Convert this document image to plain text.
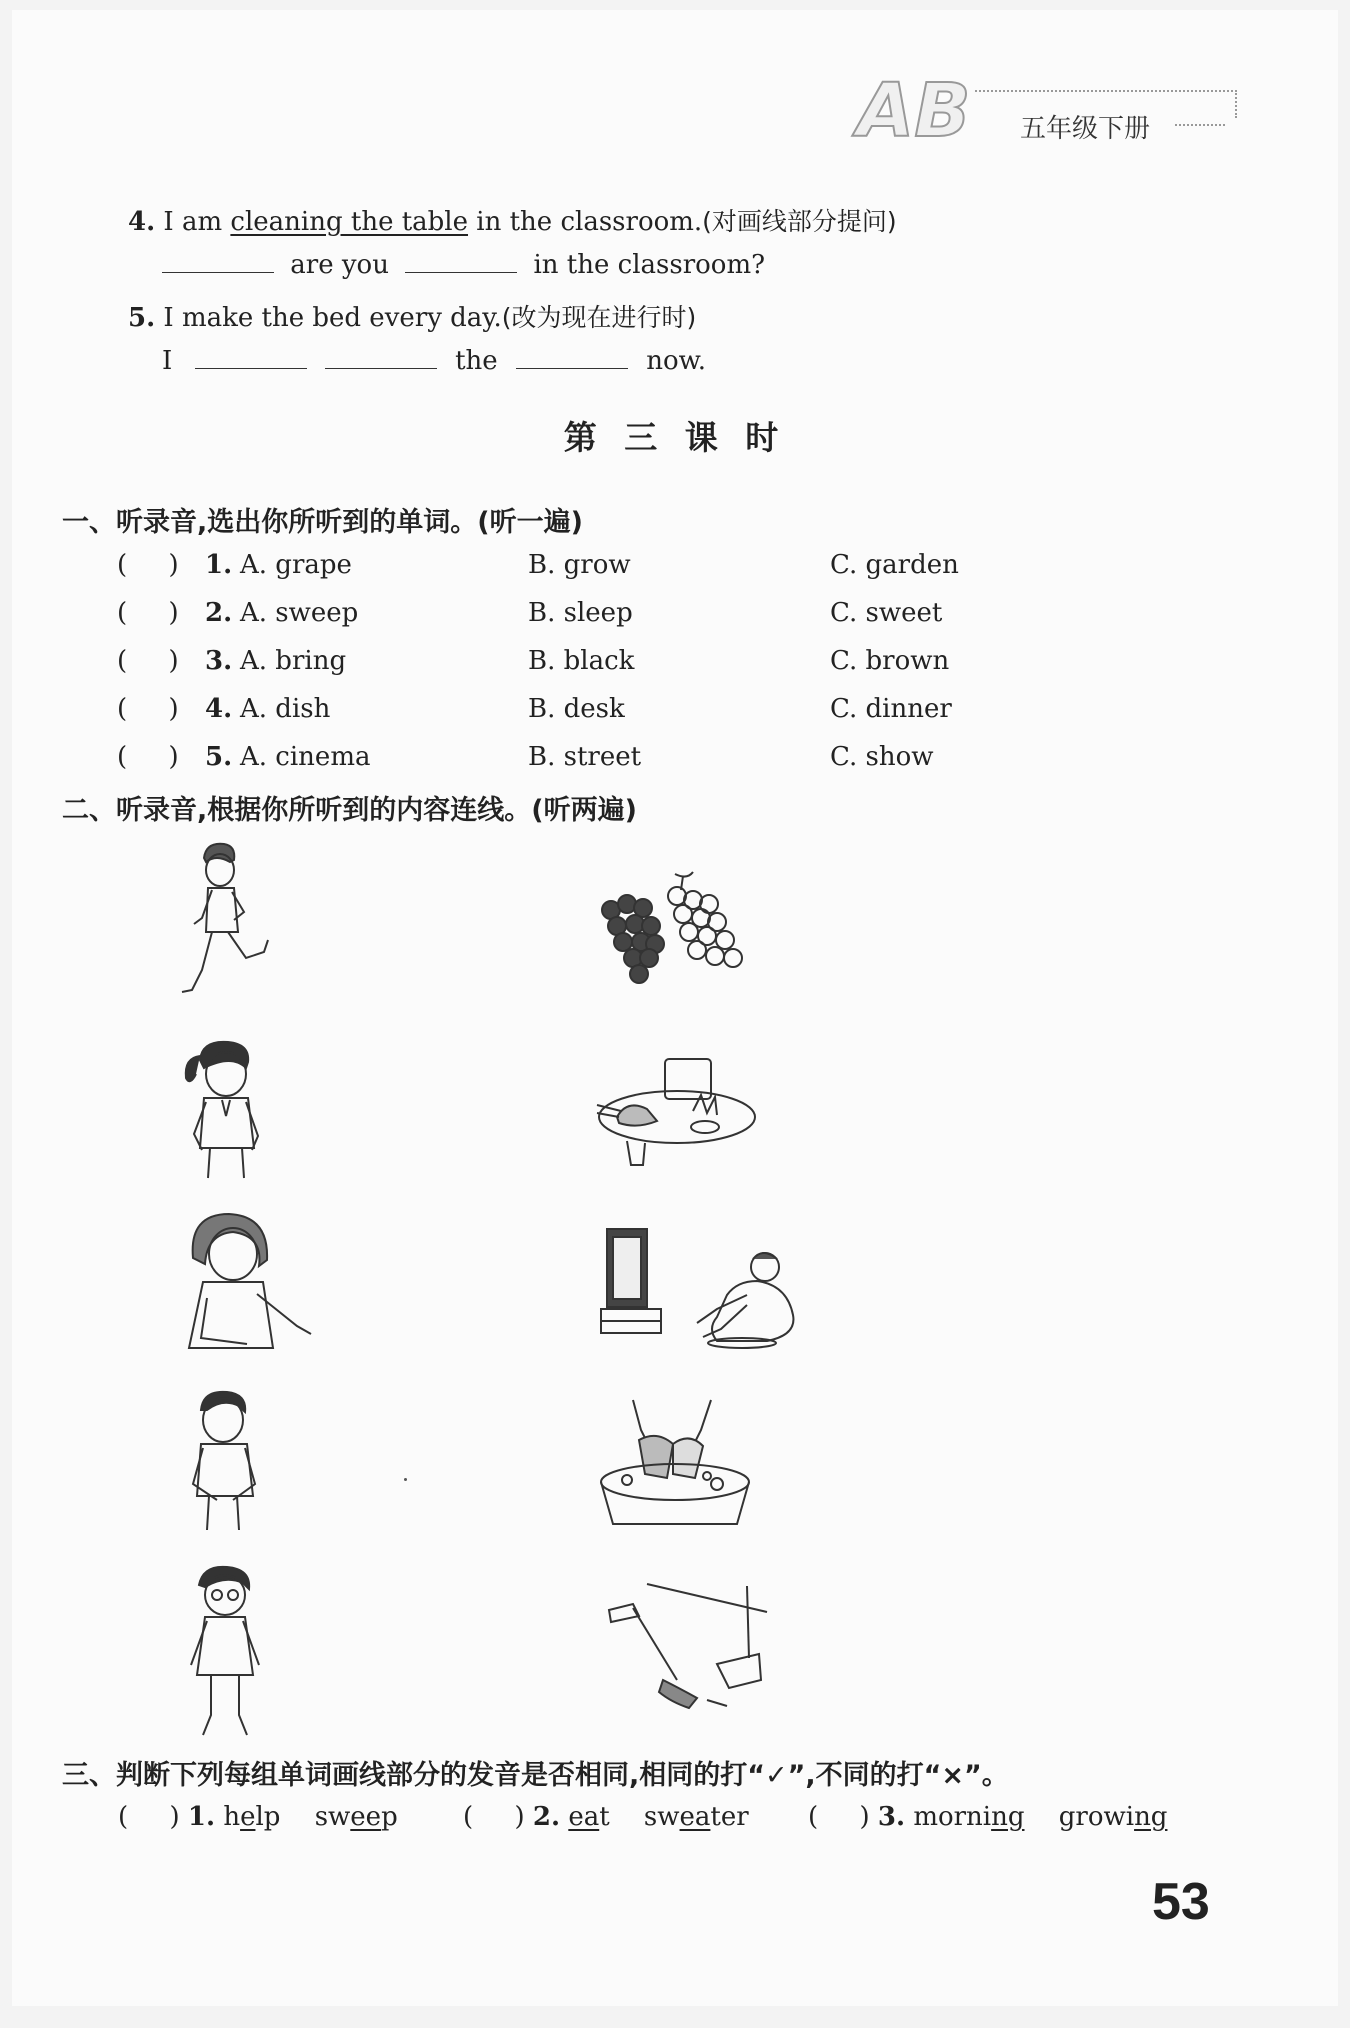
AB 五年级下册
4. I am cleaning the table in the classroom.(对画线部分提问)
are you	in the classroom?
5. I make the bed every day.(改为现在进行时)
I	the	now.
第 三 课 时
一、听录音,选出你所听到的单词。(听一遍)
(     ) 1. A. grape	B. grow	C. garden
(     ) 2. A. sweep	B. sleep	C. sweet
(     ) 3. A. bring	B. black	C. brown
(     ) 4. A. dish	B. desk	C. dinner
(     ) 5. A. cinema	B. street	C. show
二、听录音,根据你所听到的内容连线。(听两遍)
三、判断下列每组单词画线部分的发音是否相同,相同的打“✓”,不同的打“×”。
(     ) 1. help sweep	(     ) 2. eat sweater (     ) 3. morning growing
53
